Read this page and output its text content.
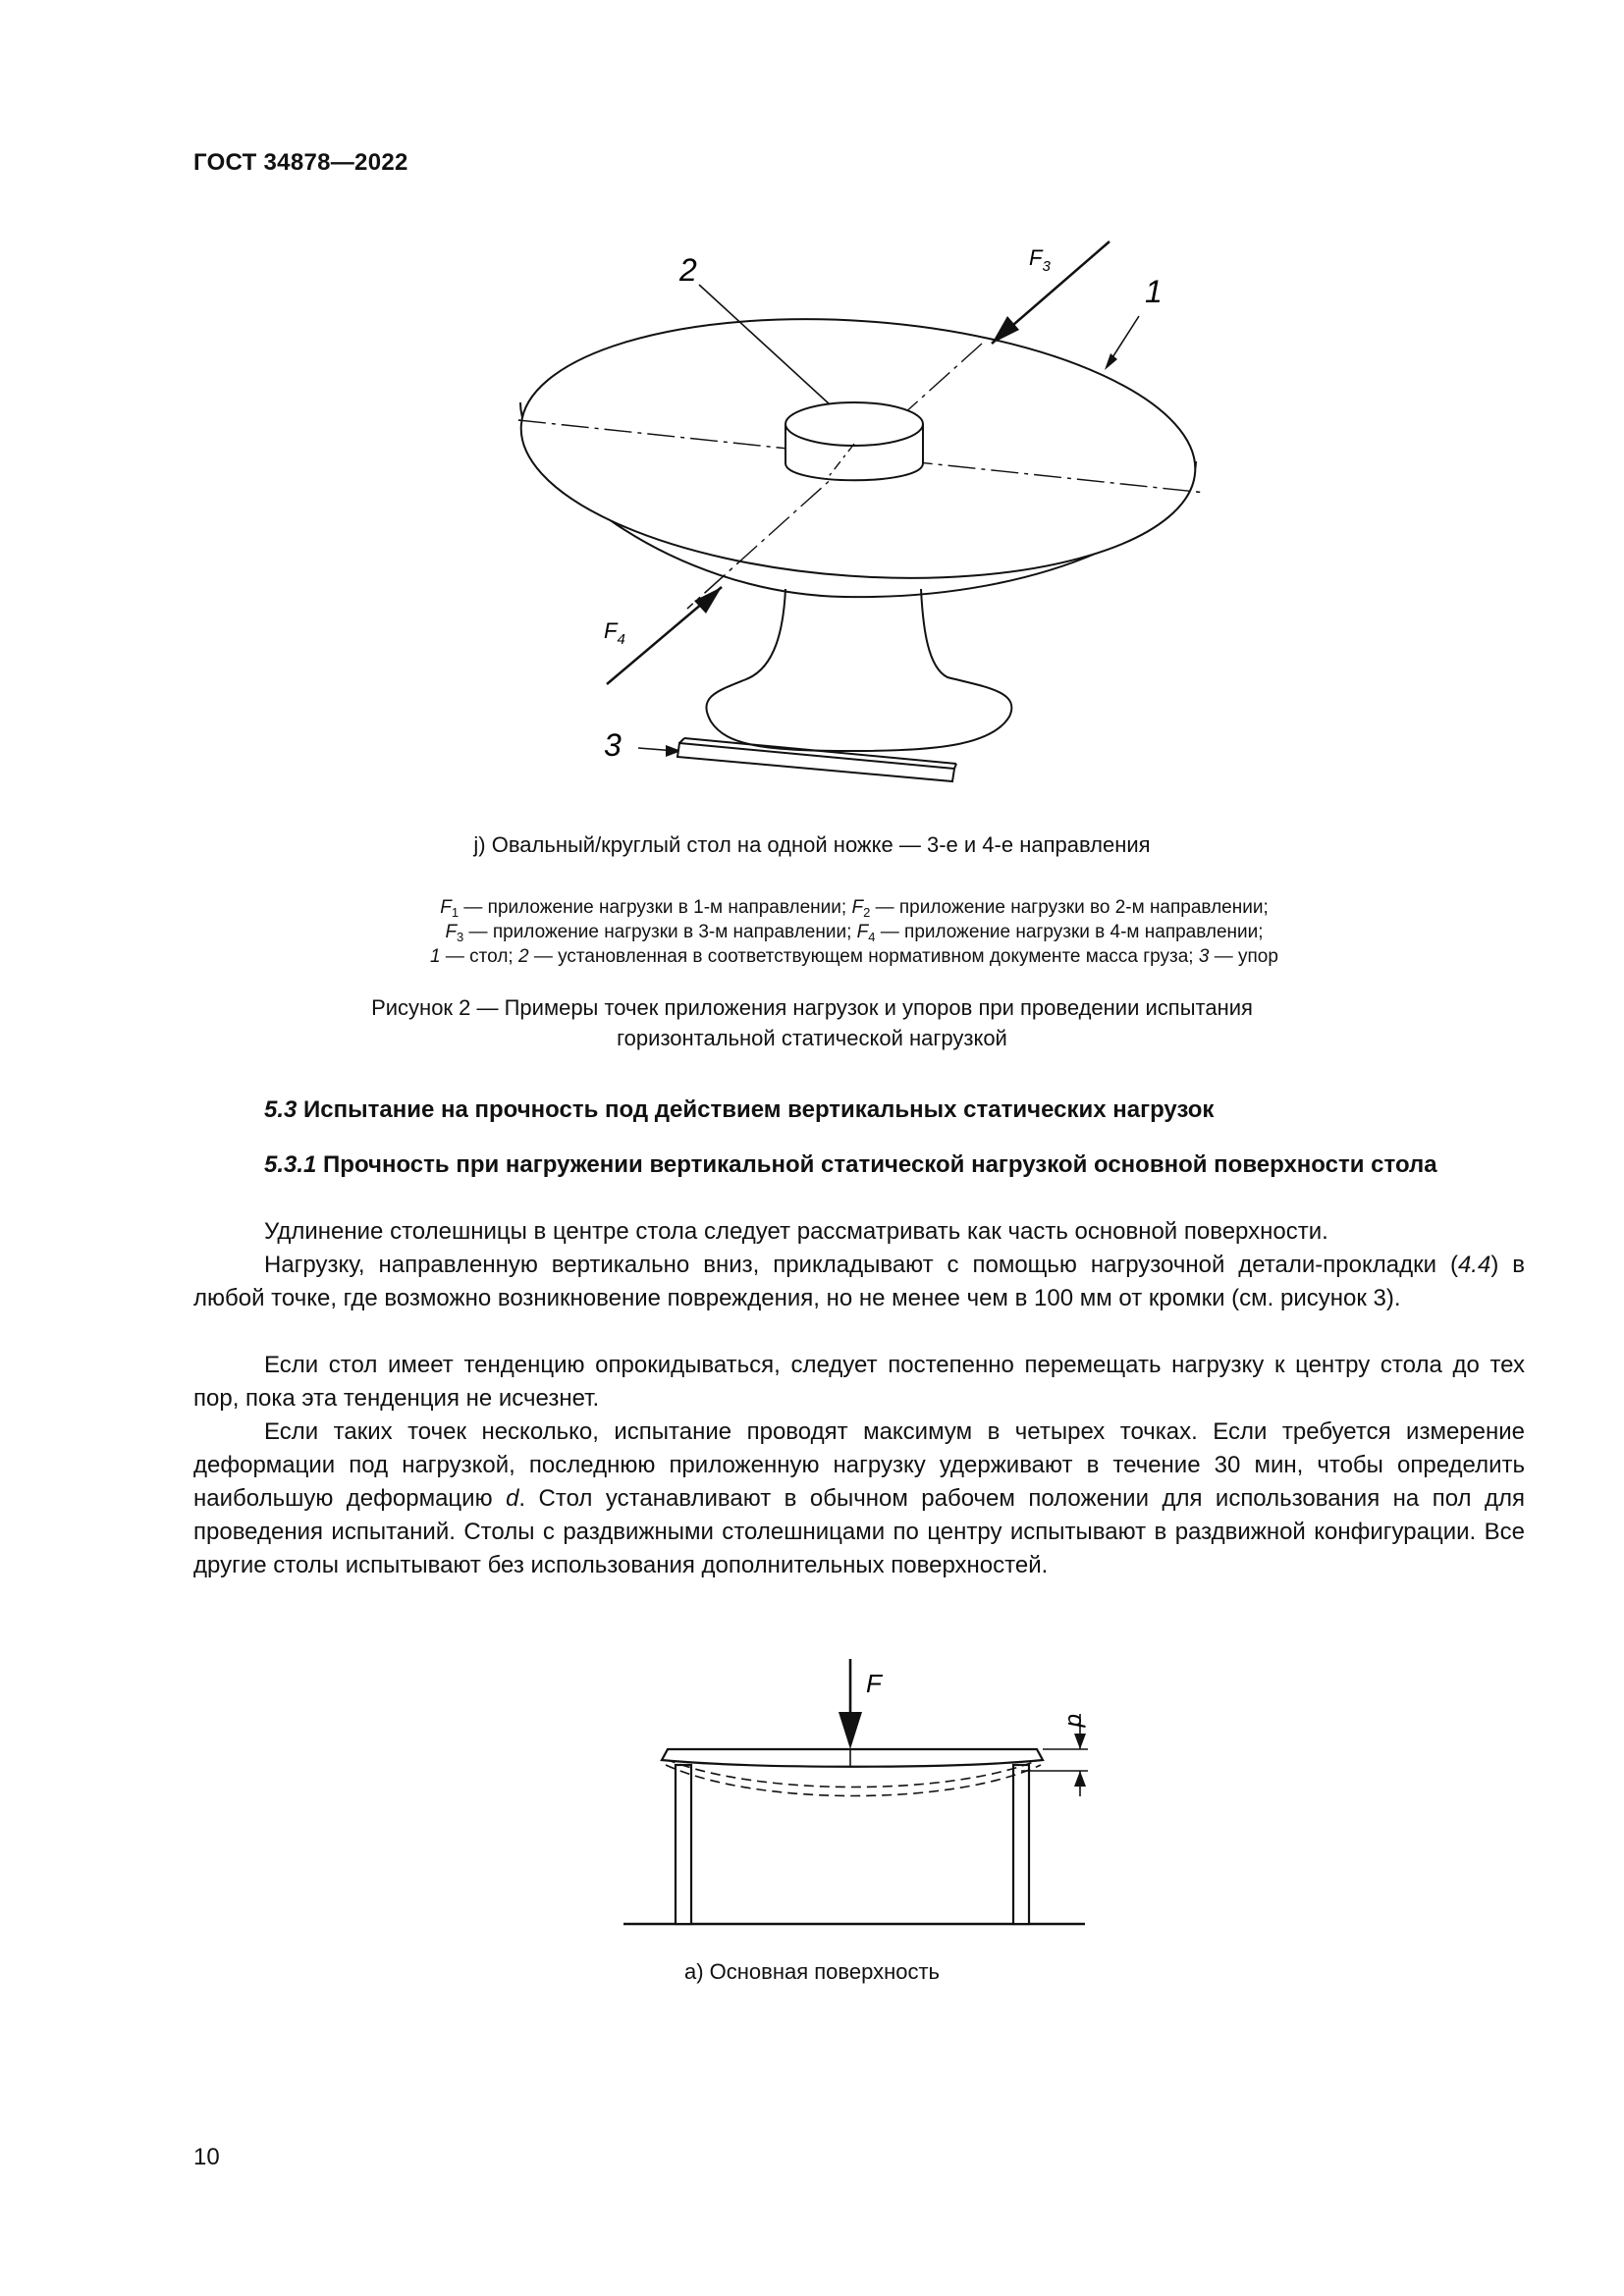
ГОСТ 34878—2022
2
1
3
$F_3$
$F_4$
j) Овальный/круглый стол на одной ножке — 3-е и 4-е направления
$F_1$ — приложение нагрузки в 1-м направлении; $F_2$ — приложение нагрузки во 2-м направлении;
$F_3$ — приложение нагрузки в 3-м направлении; $F_4$ — приложение нагрузки в 4-м направлении;
1 — стол; 2 — установленная в соответствующем нормативном документе масса груза; 3 — упор
Рисунок 2 — Примеры точек приложения нагрузок и упоров при проведении испытания
горизонтальной статической нагрузкой
5.3 Испытание на прочность под действием вертикальных статических нагрузок
5.3.1 Прочность при нагружении вертикальной статической нагрузкой основной поверхности стола
Удлинение столешницы в центре стола следует рассматривать как часть основной поверхности.
Нагрузку, направленную вертикально вниз, прикладывают с помощью нагрузочной детали-прокладки (4.4) в любой точке, где возможно возникновение повреждения, но не менее чем в 100 мм от кромки (см. рисунок 3).
Если стол имеет тенденцию опрокидываться, следует постепенно перемещать нагрузку к центру стола до тех пор, пока эта тенденция не исчезнет.
Если таких точек несколько, испытание проводят максимум в четырех точках. Если требуется измерение деформации под нагрузкой, последнюю приложенную нагрузку удерживают в течение 30 мин, чтобы определить наибольшую деформацию d. Стол устанавливают в обычном рабочем положении для использования на пол для проведения испытаний. Столы с раздвижными столешницами по центру испытывают в раздвижной конфигурации. Все другие столы испытывают без использования дополнительных поверхностей.
F
d
а) Основная поверхность
10
